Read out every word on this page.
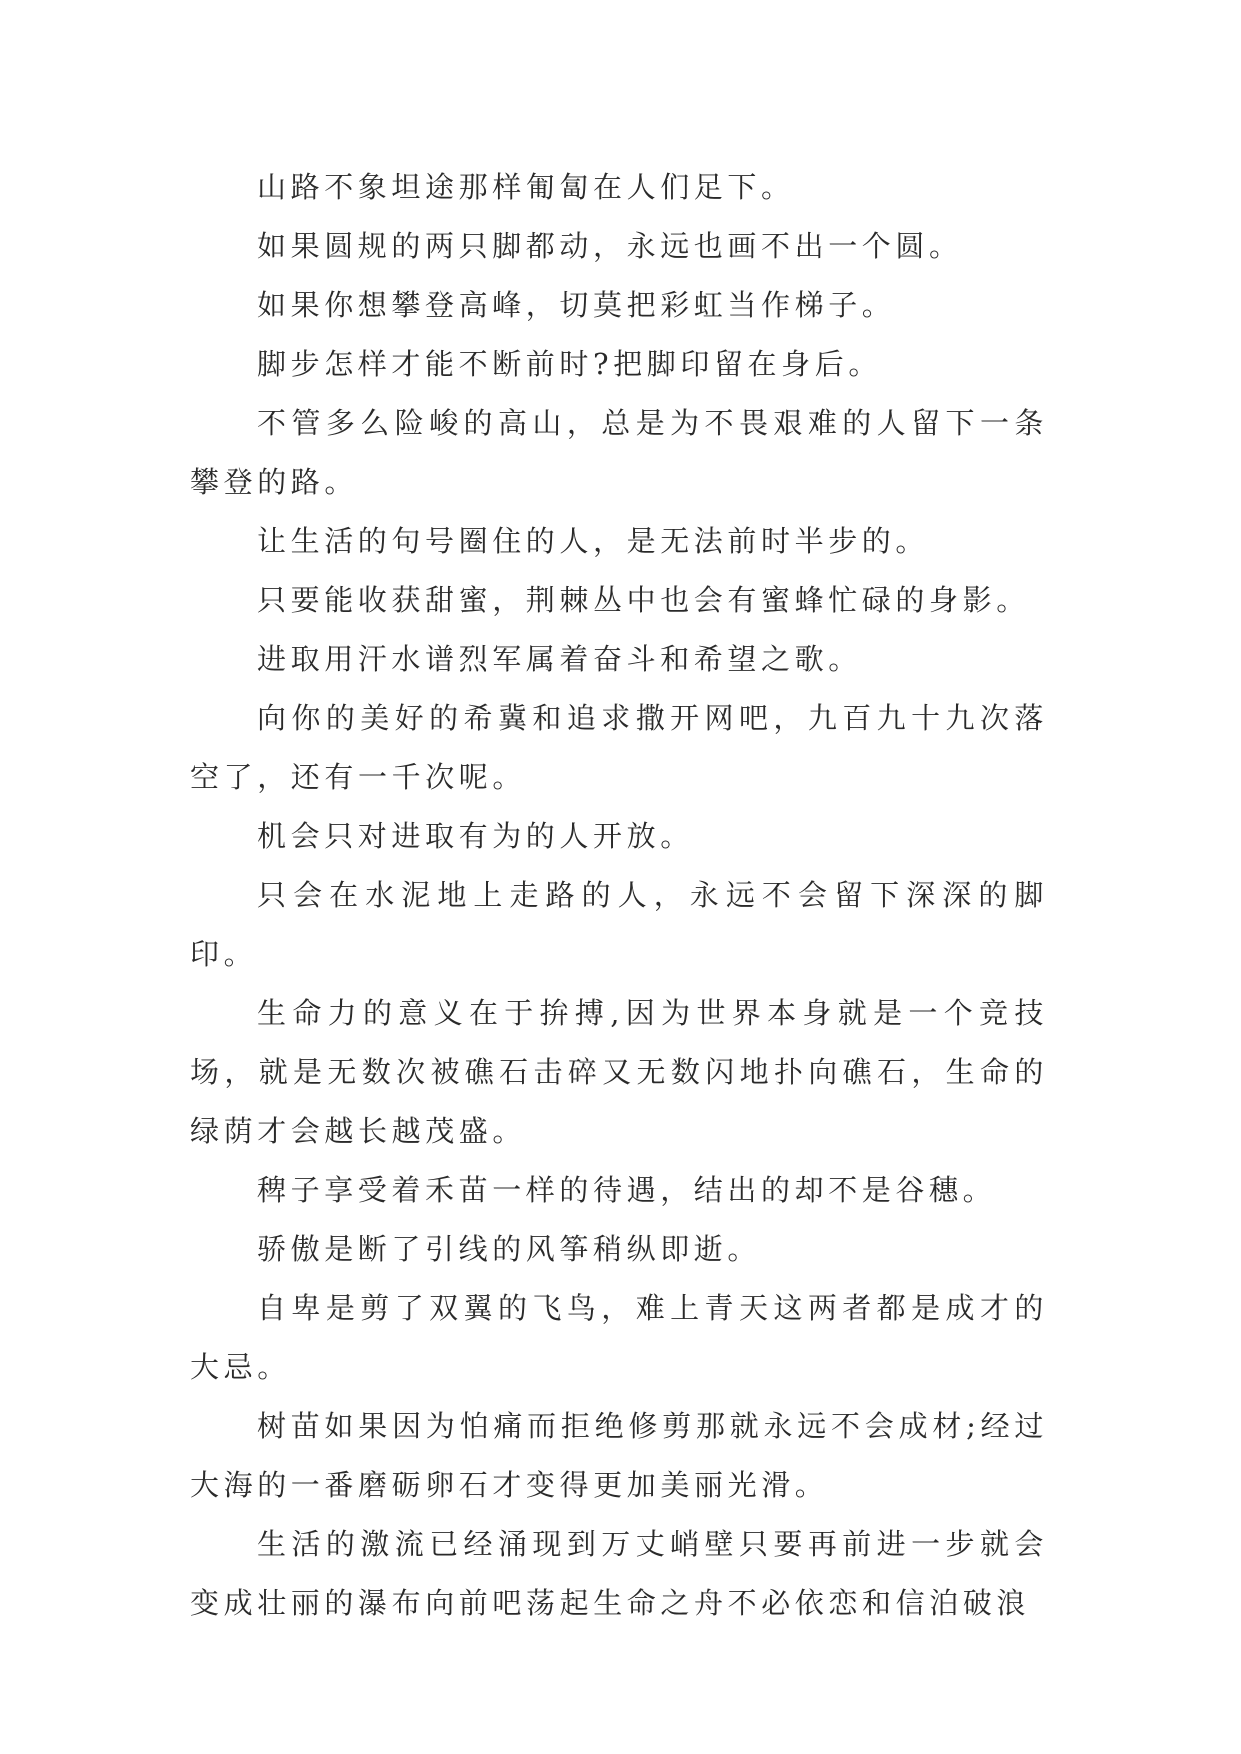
山路不象坦途那样匍匐在人们足下。

如果圆规的两只脚都动，永远也画不出一个圆。

如果你想攀登高峰，切莫把彩虹当作梯子。

脚步怎样才能不断前时?把脚印留在身后。

不管多么险峻的高山，总是为不畏艰难的人留下一条攀登的路。

让生活的句号圈住的人，是无法前时半步的。

只要能收获甜蜜，荆棘丛中也会有蜜蜂忙碌的身影。

进取用汗水谱烈军属着奋斗和希望之歌。

向你的美好的希冀和追求撒开网吧，九百九十九次落空了，还有一千次呢。

机会只对进取有为的人开放。

只会在水泥地上走路的人，永远不会留下深深的脚印。

生命力的意义在于拚搏,因为世界本身就是一个竞技场，就是无数次被礁石击碎又无数闪地扑向礁石，生命的绿荫才会越长越茂盛。

稗子享受着禾苗一样的待遇，结出的却不是谷穗。

骄傲是断了引线的风筝稍纵即逝。

自卑是剪了双翼的飞鸟，难上青天这两者都是成才的大忌。

树苗如果因为怕痛而拒绝修剪那就永远不会成材;经过大海的一番磨砺卵石才变得更加美丽光滑。

生活的激流已经涌现到万丈峭壁只要再前进一步就会变成壮丽的瀑布向前吧荡起生命之舟不必依恋和信泊破浪
